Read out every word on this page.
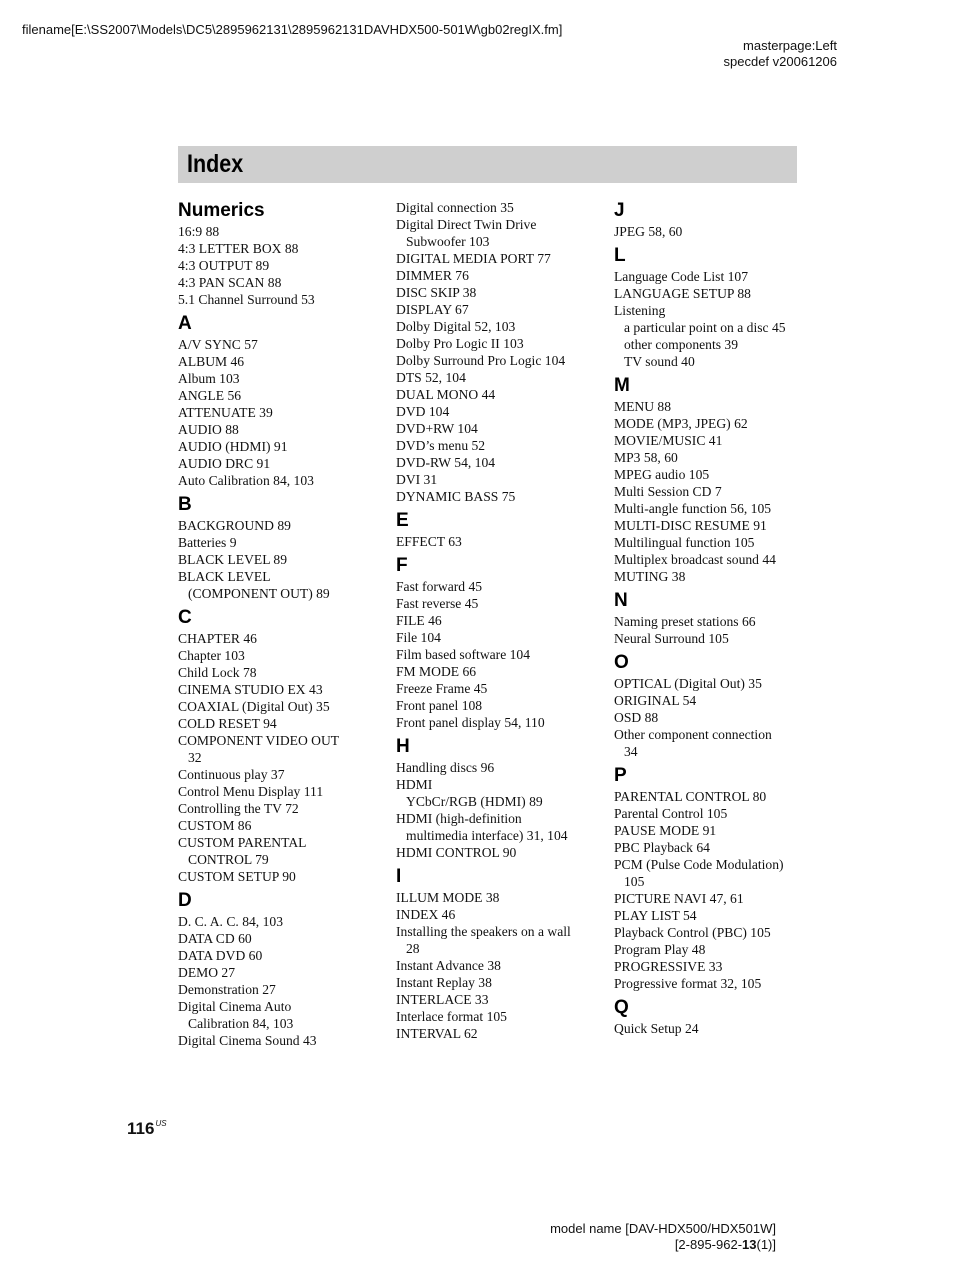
filename[E:\SS2007\Models\DC5\2895962131\2895962131DAVHDX500-501W\gb02regIX.fm]
masterpage:Left
specdef v20061206
Index
Numerics
16:9 88
4:3 LETTER BOX 88
4:3 OUTPUT 89
4:3 PAN SCAN 88
5.1 Channel Surround 53
A
A/V SYNC 57
ALBUM 46
Album 103
ANGLE 56
ATTENUATE 39
AUDIO 88
AUDIO (HDMI) 91
AUDIO DRC 91
Auto Calibration 84, 103
B
BACKGROUND 89
Batteries 9
BLACK LEVEL 89
BLACK LEVEL
(COMPONENT OUT) 89
C
CHAPTER 46
Chapter 103
Child Lock 78
CINEMA STUDIO EX 43
COAXIAL (Digital Out) 35
COLD RESET 94
COMPONENT VIDEO OUT
32
Continuous play 37
Control Menu Display 111
Controlling the TV 72
CUSTOM 86
CUSTOM PARENTAL
CONTROL 79
CUSTOM SETUP 90
D
D. C. A. C. 84, 103
DATA CD 60
DATA DVD 60
DEMO 27
Demonstration 27
Digital Cinema Auto
Calibration 84, 103
Digital Cinema Sound 43
Digital connection 35
Digital Direct Twin Drive
Subwoofer 103
DIGITAL MEDIA PORT 77
DIMMER 76
DISC SKIP 38
DISPLAY 67
Dolby Digital 52, 103
Dolby Pro Logic II 103
Dolby Surround Pro Logic 104
DTS 52, 104
DUAL MONO 44
DVD 104
DVD+RW 104
DVD’s menu 52
DVD-RW 54, 104
DVI 31
DYNAMIC BASS 75
E
EFFECT 63
F
Fast forward 45
Fast reverse 45
FILE 46
File 104
Film based software 104
FM MODE 66
Freeze Frame 45
Front panel 108
Front panel display 54, 110
H
Handling discs 96
HDMI
YCbCr/RGB (HDMI) 89
HDMI (high-definition
multimedia interface) 31, 104
HDMI CONTROL 90
I
ILLUM MODE 38
INDEX 46
Installing the speakers on a wall
28
Instant Advance 38
Instant Replay 38
INTERLACE 33
Interlace format 105
INTERVAL 62
J
JPEG 58, 60
L
Language Code List 107
LANGUAGE SETUP 88
Listening
a particular point on a disc 45
other components 39
TV sound 40
M
MENU 88
MODE (MP3, JPEG) 62
MOVIE/MUSIC 41
MP3 58, 60
MPEG audio 105
Multi Session CD 7
Multi-angle function 56, 105
MULTI-DISC RESUME 91
Multilingual function 105
Multiplex broadcast sound 44
MUTING 38
N
Naming preset stations 66
Neural Surround 105
O
OPTICAL (Digital Out) 35
ORIGINAL 54
OSD 88
Other component connection
34
P
PARENTAL CONTROL 80
Parental Control 105
PAUSE MODE 91
PBC Playback 64
PCM (Pulse Code Modulation)
105
PICTURE NAVI 47, 61
PLAY LIST 54
Playback Control (PBC) 105
Program Play 48
PROGRESSIVE 33
Progressive format 32, 105
Q
Quick Setup 24
$116^{US}$
model name [DAV-HDX500/HDX501W]
[2-895-962-13(1)]
